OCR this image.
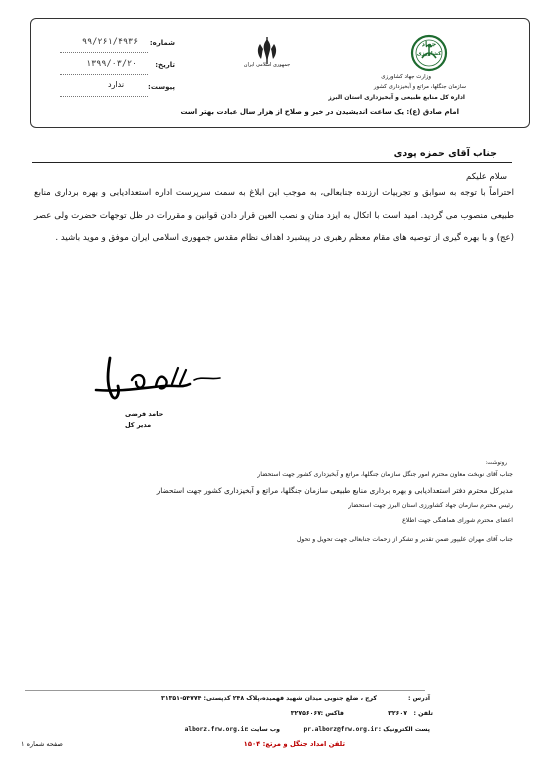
۹۹/۲۶۱/۴۹۳۶ شماره:
۱۳۹۹/۰۳/۲۰	تاریخ:
ندارد	پیوست:
جمهوری اسلامی ایران
جهاد
کشاورزی
وزارت جهاد کشاورزی
سازمان جنگلها، مراتع و آبخیزداری کشور
اداره کل منابع طبیعی و آبخیزداری استان البرز
امام صادق (ع): یک ساعت اندیشیدن در خیر و صلاح از هزار سال عبادت بهتر است
جناب آقای حمزه پودی
سلام علیکم
احتراماً با توجه به سوابق و تجربیات ارزنده جنابعالی، به موجب این ابلاغ به سمت سرپرست اداره استعدادیابی و بهره برداری منابع طبیعی منصوب می گردید. امید است با اتکال به ایزد منان و نصب العین قرار دادن قوانین و مقررات در ظل توجهات حضرت ولی عصر (عج) و با بهره گیری از توصیه های مقام معظم رهبری در پیشبرد اهداف نظام مقدس جمهوری اسلامی ایران موفق و موید باشید .
حامد فرضی
مدیر کل
رونوشت:
جناب آقای نوبخت معاون محترم امور جنگل سازمان جنگلها، مراتع و آبخیزداری کشور جهت استحضار
مدیرکل محترم دفتر استعدادیابی و بهره برداری منابع طبیعی سازمان جنگلها، مراتع و آبخیزداری کشور جهت استحضار
رئیس محترم سازمان جهاد کشاورزی استان البرز جهت استحضار
اعضای محترم شورای هماهنگی جهت اطلاع
جناب آقای مهران علیپور ضمن تقدیر و تشکر از زحمات جنابعالی جهت تحویل و تحول
آدرس :
کرج ، ضلع جنوبی میدان شهید فهمیده،پلاک ۲۴۸ کدپستی: ۵۴۷۷۴-۳۱۳۵۱
تلفن :
۳۲۶۰۷
فاکس :
۳۲۷۵۶۰۶۷
پست الکترونیک :
pr.alborz@frw.org.ir
وب سایت :
alborz.frw.org.ir
تلفن امداد جنگل و مرتع: ۱۵۰۴
صفحه شماره ۱
